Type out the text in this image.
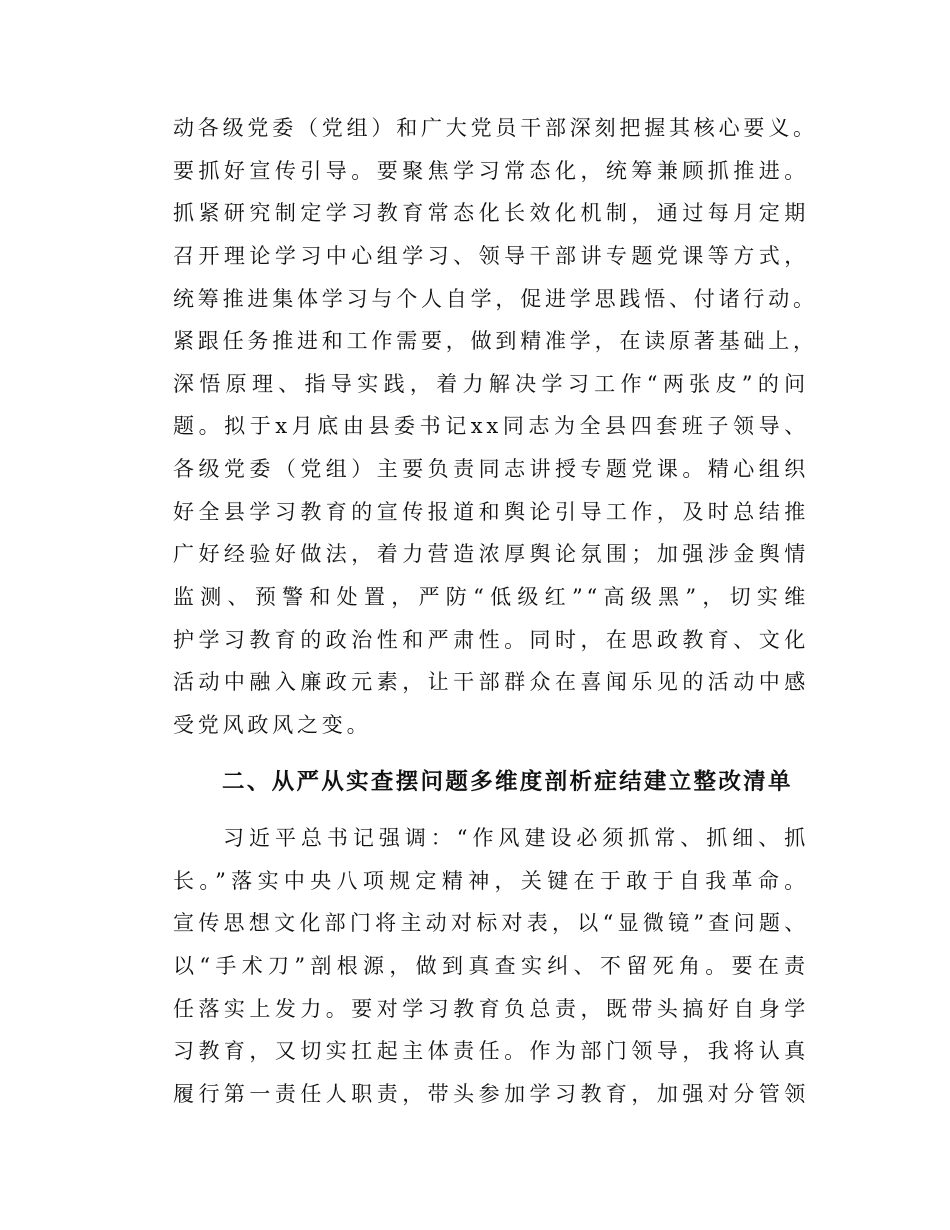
动各级党委（党组）和广大党员干部深刻把握其核心要义。
要抓好宣传引导。要聚焦学习常态化，统筹兼顾抓推进。
抓紧研究制定学习教育常态化长效化机制，通过每月定期
召开理论学习中心组学习、领导干部讲专题党课等方式，
统筹推进集体学习与个人自学，促进学思践悟、付诸行动。
紧跟任务推进和工作需要，做到精准学，在读原著基础上，
深悟原理、指导实践，着力解决学习工作“两张皮”的问
题。拟于x月底由县委书记xx同志为全县四套班子领导、
各级党委（党组）主要负责同志讲授专题党课。精心组织
好全县学习教育的宣传报道和舆论引导工作，及时总结推
广好经验好做法，着力营造浓厚舆论氛围；加强涉金舆情
监测、预警和处置，严防“低级红”“高级黑”，切实维
护学习教育的政治性和严肃性。同时，在思政教育、文化
活动中融入廉政元素，让干部群众在喜闻乐见的活动中感
受党风政风之变。
二、从严从实查摆问题多维度剖析症结建立整改清单
习近平总书记强调：“作风建设必须抓常、抓细、抓
长。”落实中央八项规定精神，关键在于敢于自我革命。
宣传思想文化部门将主动对标对表，以“显微镜”查问题、
以“手术刀”剖根源，做到真查实纠、不留死角。要在责
任落实上发力。要对学习教育负总责，既带头搞好自身学
习教育，又切实扛起主体责任。作为部门领导，我将认真
履行第一责任人职责，带头参加学习教育，加强对分管领
